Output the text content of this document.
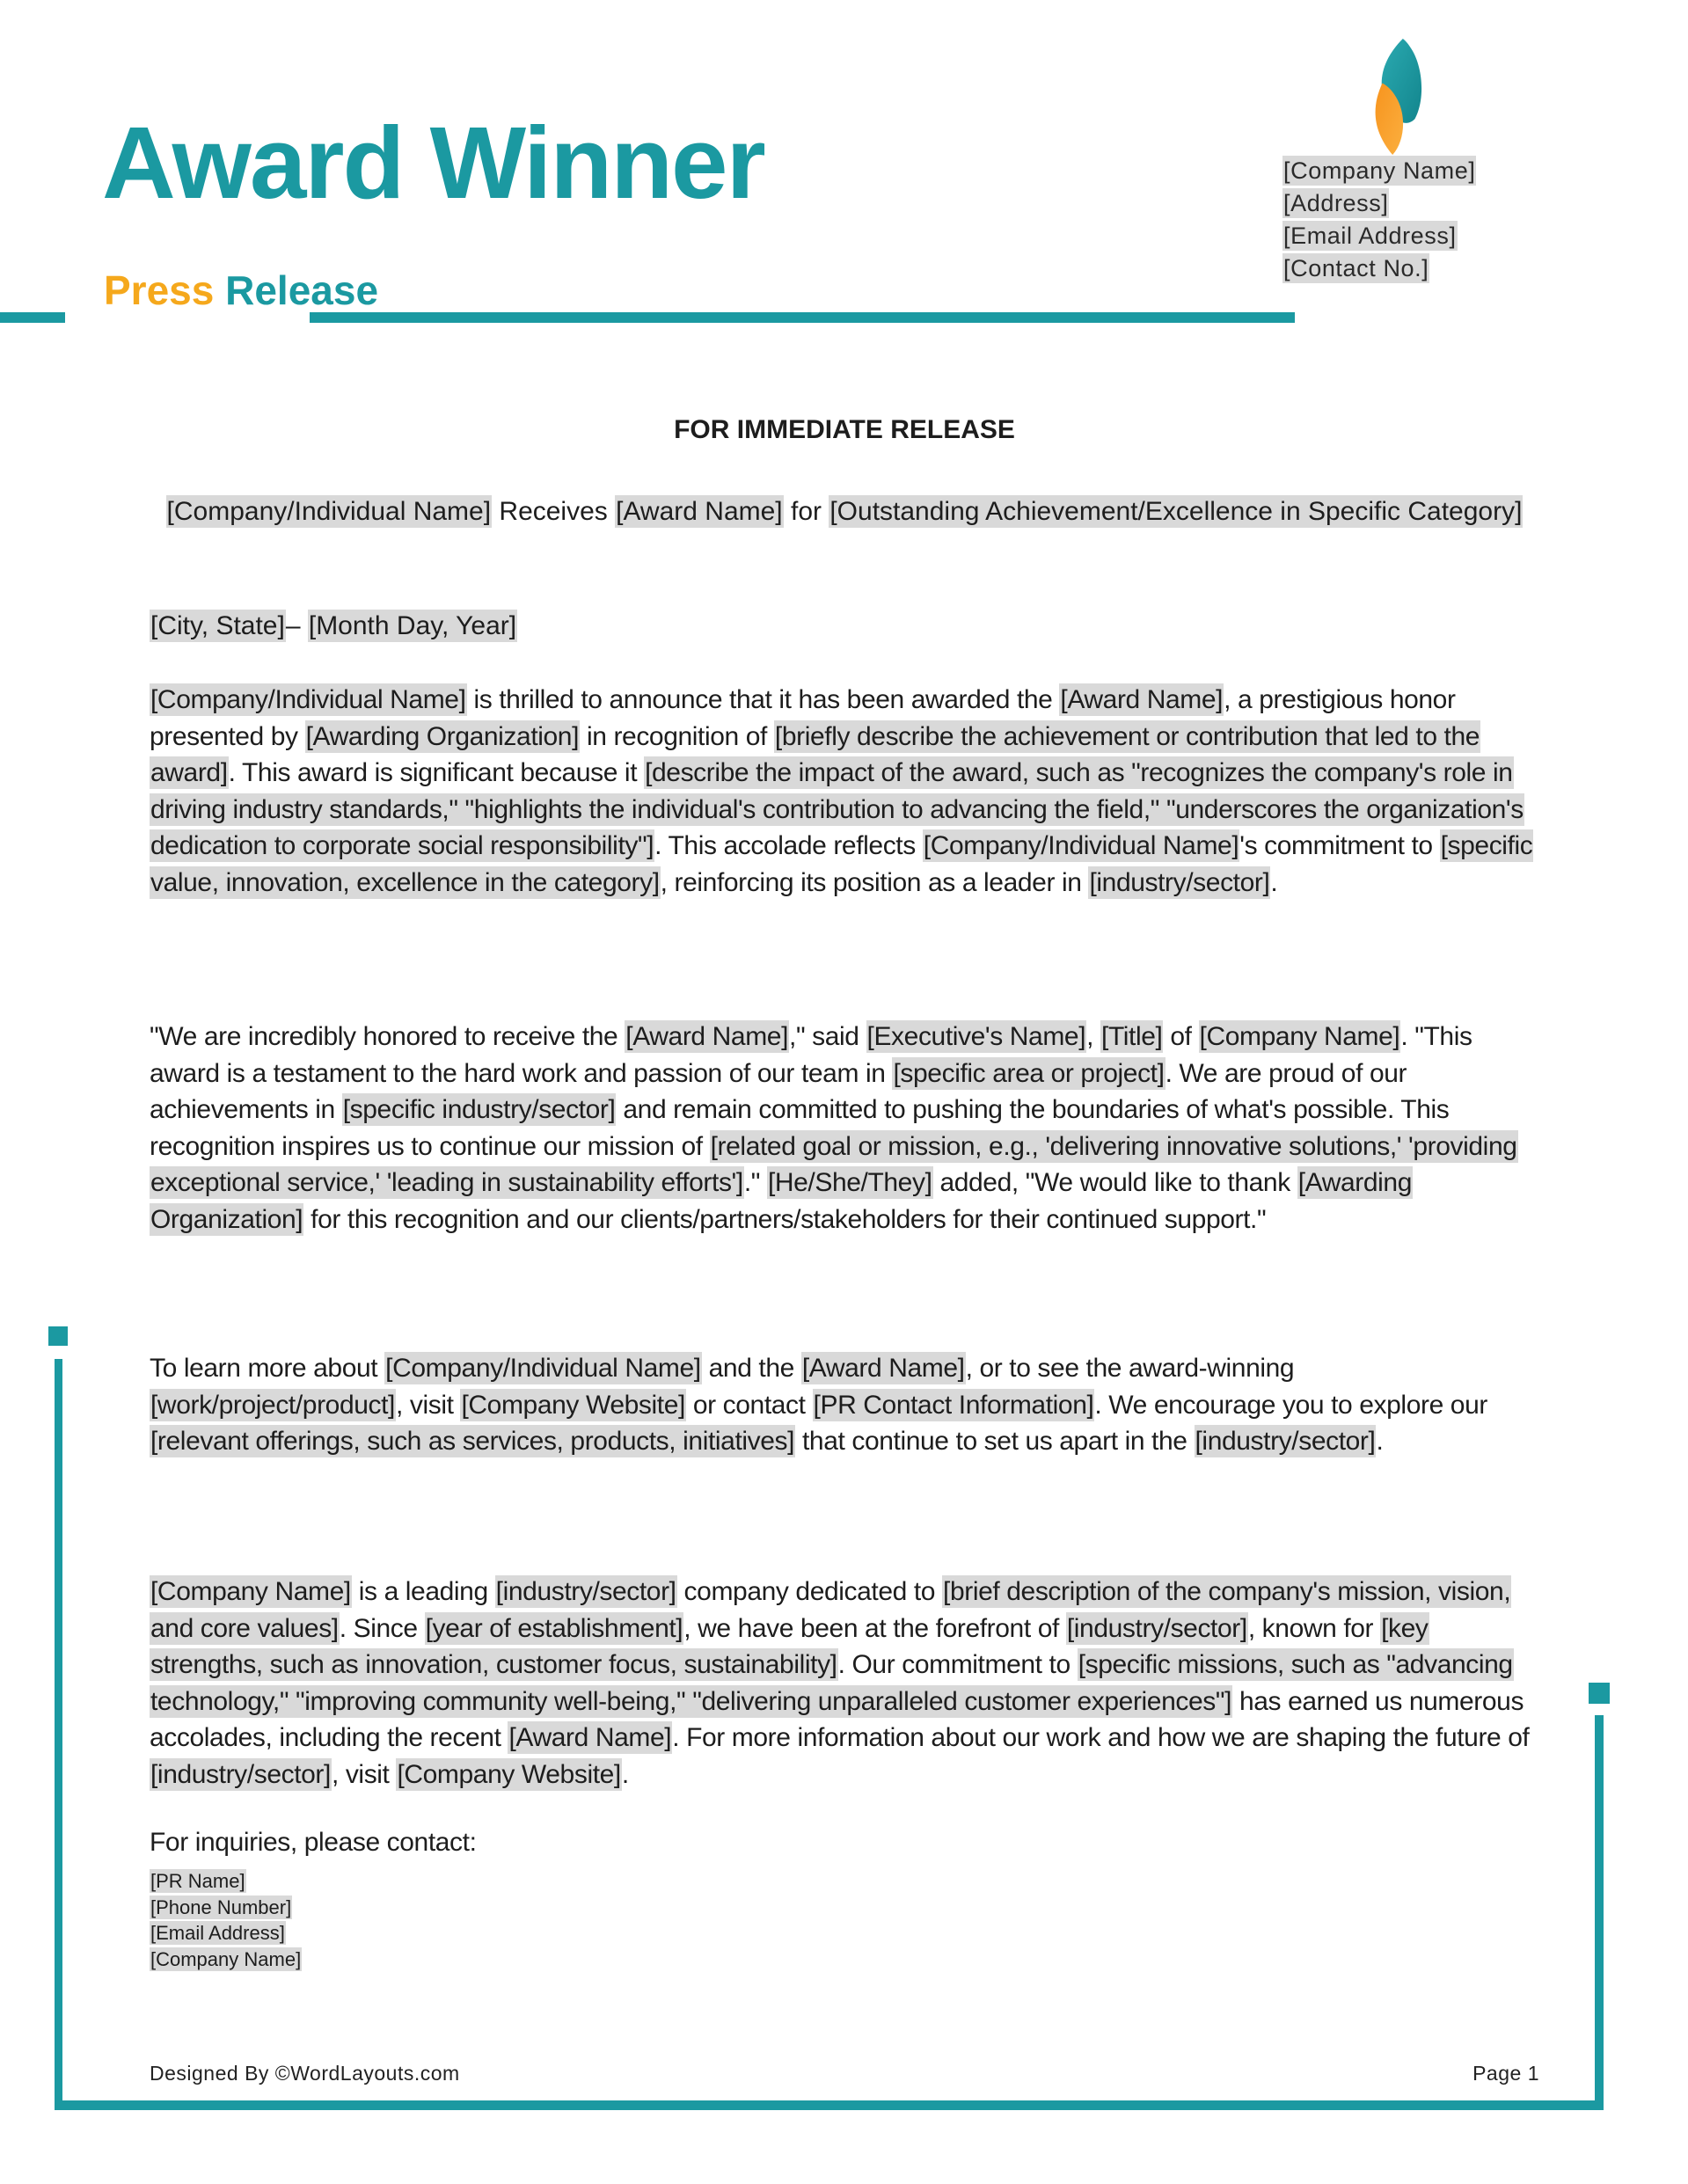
Award Winner
Press Release
[Company Name]
[Address]
[Email Address]
[Contact No.]
FOR IMMEDIATE RELEASE
[Company/Individual Name] Receives [Award Name] for [Outstanding Achievement/Excellence in Specific Category]
[City, State]– [Month Day, Year]
[Company/Individual Name] is thrilled to announce that it has been awarded the [Award Name], a prestigious honor presented by [Awarding Organization] in recognition of [briefly describe the achievement or contribution that led to the award]. This award is significant because it [describe the impact of the award, such as "recognizes the company's role in driving industry standards," "highlights the individual's contribution to advancing the field," "underscores the organization's dedication to corporate social responsibility"]. This accolade reflects [Company/Individual Name]'s commitment to [specific value, innovation, excellence in the category], reinforcing its position as a leader in [industry/sector].
"We are incredibly honored to receive the [Award Name]," said [Executive's Name], [Title] of [Company Name]. "This award is a testament to the hard work and passion of our team in [specific area or project]. We are proud of our achievements in [specific industry/sector] and remain committed to pushing the boundaries of what's possible. This recognition inspires us to continue our mission of [related goal or mission, e.g., 'delivering innovative solutions,' 'providing exceptional service,' 'leading in sustainability efforts']." [He/She/They] added, "We would like to thank [Awarding Organization] for this recognition and our clients/partners/stakeholders for their continued support."
To learn more about [Company/Individual Name] and the [Award Name], or to see the award-winning [work/project/product], visit [Company Website] or contact [PR Contact Information]. We encourage you to explore our [relevant offerings, such as services, products, initiatives] that continue to set us apart in the [industry/sector].
[Company Name] is a leading [industry/sector] company dedicated to [brief description of the company's mission, vision, and core values]. Since [year of establishment], we have been at the forefront of [industry/sector], known for [key strengths, such as innovation, customer focus, sustainability]. Our commitment to [specific missions, such as "advancing technology," "improving community well-being," "delivering unparalleled customer experiences"] has earned us numerous accolades, including the recent [Award Name]. For more information about our work and how we are shaping the future of [industry/sector], visit [Company Website].
For inquiries, please contact:
[PR Name]
[Phone Number]
[Email Address]
[Company Name]
Designed By ©WordLayouts.com	Page 1
